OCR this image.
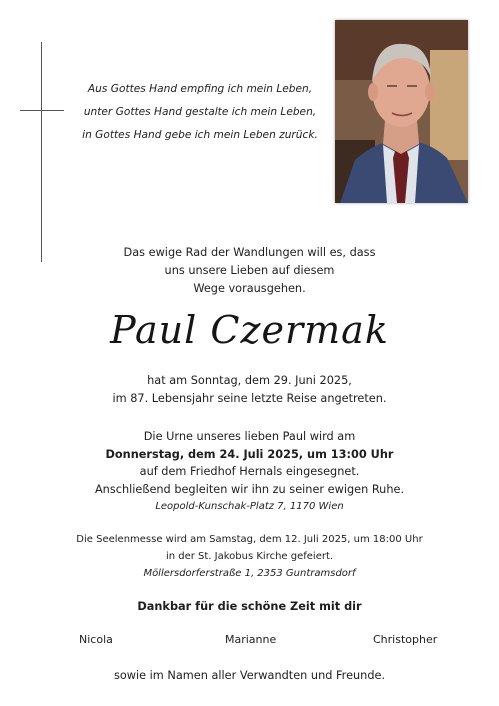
Aus Gottes Hand empfing ich mein Leben,
unter Gottes Hand gestalte ich mein Leben,
in Gottes Hand gebe ich mein Leben zurück.
Das ewige Rad der Wandlungen will es, dass
uns unsere Lieben auf diesem
Wege vorausgehen.
Paul Czermak
hat am Sonntag, dem 29. Juni 2025,
im 87. Lebensjahr seine letzte Reise angetreten.
Die Urne unseres lieben Paul wird am
Donnerstag, dem 24. Juli 2025, um 13:00 Uhr
auf dem Friedhof Hernals eingesegnet.
Anschließend begleiten wir ihn zu seiner ewigen Ruhe.
Leopold-Kunschak-Platz 7, 1170 Wien
Die Seelenmesse wird am Samstag, dem 12. Juli 2025, um 18:00 Uhr
in der St. Jakobus Kirche gefeiert.
Möllersdorferstraße 1, 2353 Guntramsdorf
Dankbar für die schöne Zeit mit dir
Nicola	Marianne	Christopher
sowie im Namen aller Verwandten und Freunde.
